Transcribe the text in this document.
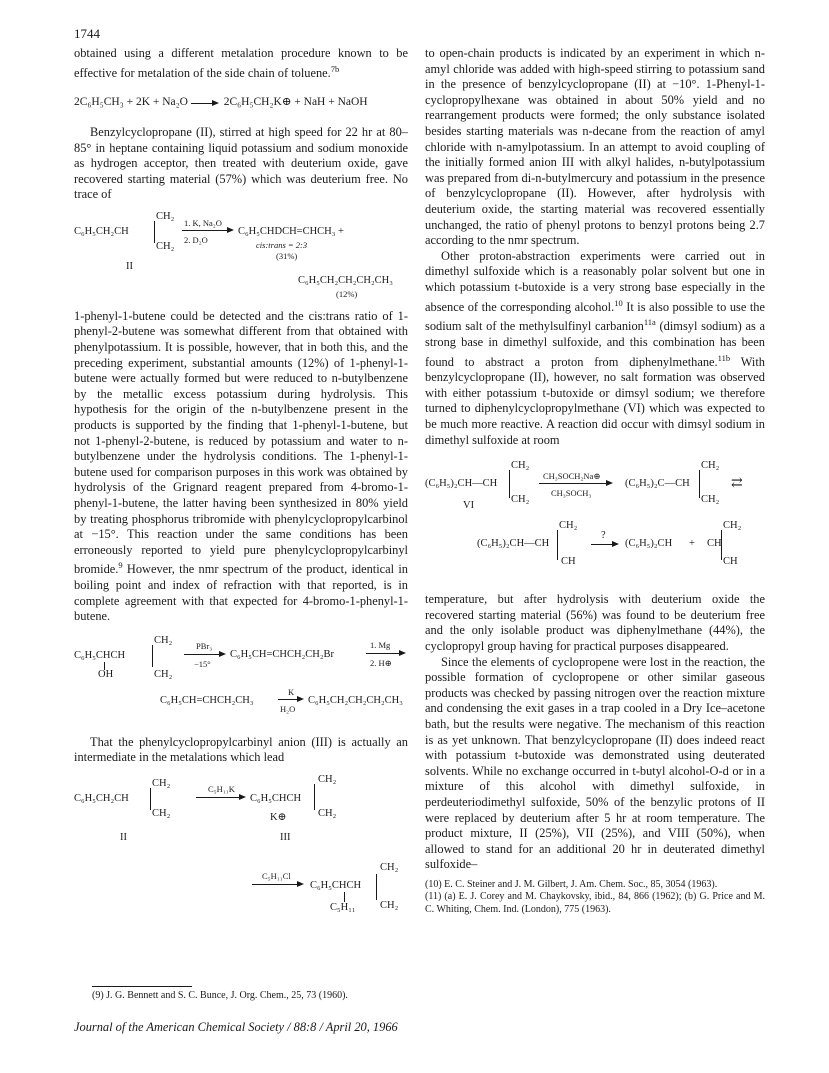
1744

obtained using a different metalation procedure known to be effective for metalation of the side chain of toluene.$^{7b}$

2C₆H₅CH₃ + 2K + Na₂O → 2C₆H₅CH₂K⊕ + NaH + NaOH

Benzylcyclopropane (II), stirred at high speed for 22 hr at 80–85° in heptane containing liquid potassium and sodium monoxide as hydrogen acceptor, then treated with deuterium oxide, gave recovered starting material (57%) which was deuterium free. No trace of

CH₂
C₆H₅CH₂CH
CH₂
II
1. K, Na₂O
2. D₂O
C₆H₅CHDCH=CHCH₃ +
cis:trans = 2:3
(31%)
C₆H₅CH₂CH₂CH₂CH₃
(12%)

1-phenyl-1-butene could be detected and the cis:trans ratio of 1-phenyl-2-butene was somewhat different from that obtained with phenylpotassium. It is possible, however, that in both this, and the preceding experiment, substantial amounts (12%) of 1-phenyl-1-butene were actually formed but were reduced to n-butylbenzene by the metallic excess potassium during hydrolysis. This hypothesis for the origin of the n-butylbenzene present in the products is supported by the finding that 1-phenyl-1-butene, but not 1-phenyl-2-butene, is reduced by potassium and water to n-butylbenzene under the hydrolysis conditions. The 1-phenyl-1-butene used for comparison purposes in this work was obtained by hydrolysis of the Grignard reagent prepared from 4-bromo-1-phenyl-1-butene, the latter having been synthesized in 80% yield by treating phosphorus tribromide with phenylcyclopropylcarbinol at −15°. This reaction under the same conditions has been erroneously reported to yield pure phenylcyclopropylcarbinyl bromide.$^9$ However, the nmr spectrum of the product, identical in boiling point and index of refraction with that reported, is in complete agreement with that expected for 4-bromo-1-phenyl-1-butene.

CH₂
C₆H₅CHCH
OH	CH₂
PBr₃
−15°
C₆H₅CH=CHCH₂CH₂Br
1. Mg
2. H⊕
C₆H₅CH=CHCH₂CH₃
K
H₂O
C₆H₅CH₂CH₂CH₂CH₃

That the phenylcyclopropylcarbinyl anion (III) is actually an intermediate in the metalations which lead

CH₂
C₆H₅CH₂CH
CH₂
II
C₅H₁₁K
CH₂
C₆H₅CHCH
CH₂
K⊕
III
C₅H₁₁Cl
CH₂
C₆H₅CHCH
C₅H₁₁ CH₂
(9) J. G. Bennett and S. C. Bunce, J. Org. Chem., 25, 73 (1960).

to open-chain products is indicated by an experiment in which n-amyl chloride was added with high-speed stirring to potassium sand in the presence of benzylcyclopropane (II) at −10°. 1-Phenyl-1-cyclopropylhexane was obtained in about 50% yield and no rearrangement products were formed; the only substance isolated besides starting materials was n-decane from the reaction of amyl chloride with n-amylpotassium. In an attempt to avoid coupling of the initially formed anion III with alkyl halides, n-butylpotassium was prepared from di-n-butylmercury and potassium in the presence of benzylcyclopropane (II). However, after hydrolysis with deuterium oxide, the starting material was recovered essentially unchanged, the ratio of phenyl protons to benzyl protons being 2.7 according to the nmr spectrum.

Other proton-abstraction experiments were carried out in dimethyl sulfoxide which is a reasonably polar solvent but one in which potassium t-butoxide is a very strong base especially in the absence of the corresponding alcohol.$^{10}$ It is also possible to use the sodium salt of the methylsulfinyl carbanion$^{11a}$ (dimsyl sodium) as a strong base in dimethyl sulfoxide, and this combination has been found to abstract a proton from diphenylmethane.$^{11b}$ With benzylcyclopropane (II), however, no salt formation was observed with either potassium t-butoxide or dimsyl sodium; we therefore turned to diphenylcyclopropylmethane (VI) which was expected to be much more reactive. A reaction did occur with dimsyl sodium in dimethyl sulfoxide at room

CH₂
(C₆H₅)₂CH—CH
CH₂
VI
CH₃SOCH₂Na⊕
CH₃SOCH₃
CH₂
(C₆H₅)₂C—CH
CH₂
⇄
CH₂
(C₆H₅)₂CH—CH
CH
?
→ (C₆H₅)₂CH +
CH₂
CH
CH

temperature, but after hydrolysis with deuterium oxide the recovered starting material (56%) was found to be deuterium free and the only isolable product was diphenylmethane (44%), the cyclopropyl group having for practical purposes disappeared.

Since the elements of cyclopropene were lost in the reaction, the possible formation of cyclopropene or other similar gaseous products was checked by passing nitrogen over the reaction mixture and condensing the exit gases in a trap cooled in a Dry Ice–acetone bath, but the results were negative. The mechanism of this reaction is as yet unknown. That benzylcyclopropane (II) does indeed react with potassium t-butoxide was demonstrated using deuterated solvents. While no exchange occurred in t-butyl alcohol-O-d or in a mixture of this alcohol with dimethyl sulfoxide, in perdeuteriodimethyl sulfoxide, 50% of the benzylic protons of II were replaced by deuterium after 5 hr at room temperature. The product mixture, II (25%), VII (25%), and VIII (50%), when allowed to stand for an additional 20 hr in deuterated dimethyl sulfoxide–

(10) E. C. Steiner and J. M. Gilbert, J. Am. Chem. Soc., 85, 3054 (1963).
(11) (a) E. J. Corey and M. Chaykovsky, ibid., 84, 866 (1962); (b) G. Price and M. C. Whiting, Chem. Ind. (London), 775 (1963).
Journal of the American Chemical Society / 88:8 / April 20, 1966
